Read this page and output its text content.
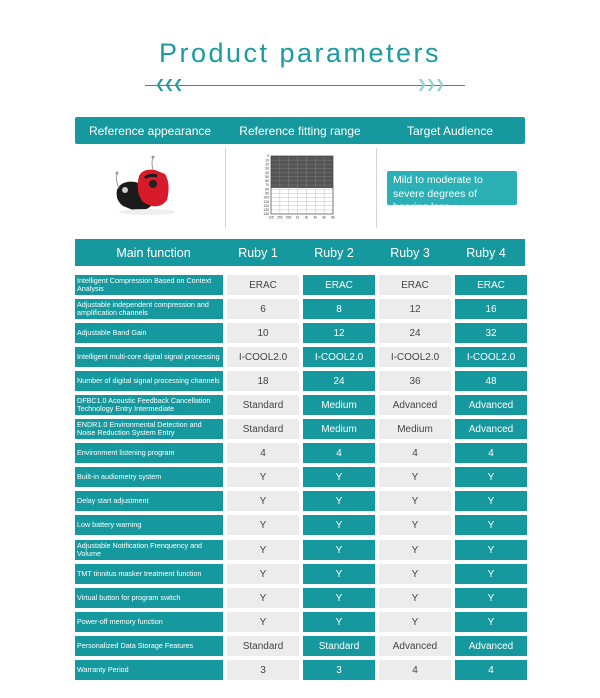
Product parameters
❮❮❮	❯❯❯
Reference appearance	Reference fitting range	Target Audience
0
10
20
30
40
50
60
70
80
90
100
110
120
130
140
125 250 500 1k 2k 4k 6k 8k
Mild to moderate to severe degrees of hearing loss.
Main function	Ruby 1	Ruby 2	Ruby 3	Ruby 4
Intelligent Compression Based on Context Analysis	ERAC	ERAC	ERAC	ERAC
Adjustable independent compression and amplification channels	6	8	12	16
Adjustable Band Gain	10	12	24	32
Intelligent multi-core digital signal processing	I-COOL2.0	I-COOL2.0	I-COOL2.0	I-COOL2.0
Number of digital signal processing channels	18	24	36	48
DFBC1.0 Acoustic Feedback Cancellation Technology Entry Intermediate	Standard	Medium	Advanced	Advanced
ENDR1.0 Environmental Detection and Noise Reduction System Entry	Standard	Medium	Medium	Advanced
Environment listening program	4	4	4	4
Built-in audiometry system	Y	Y	Y	Y
Delay start adjustment	Y	Y	Y	Y
Low battery warning	Y	Y	Y	Y
Adjustable Notification Frenquency and Volume	Y	Y	Y	Y
TMT tinnitus masker treatment function	Y	Y	Y	Y
Virtual button for program switch	Y	Y	Y	Y
Power-off memory function	Y	Y	Y	Y
Personalized Data Storage Features	Standard	Standard	Advanced	Advanced
Warranty Period	3	3	4	4
